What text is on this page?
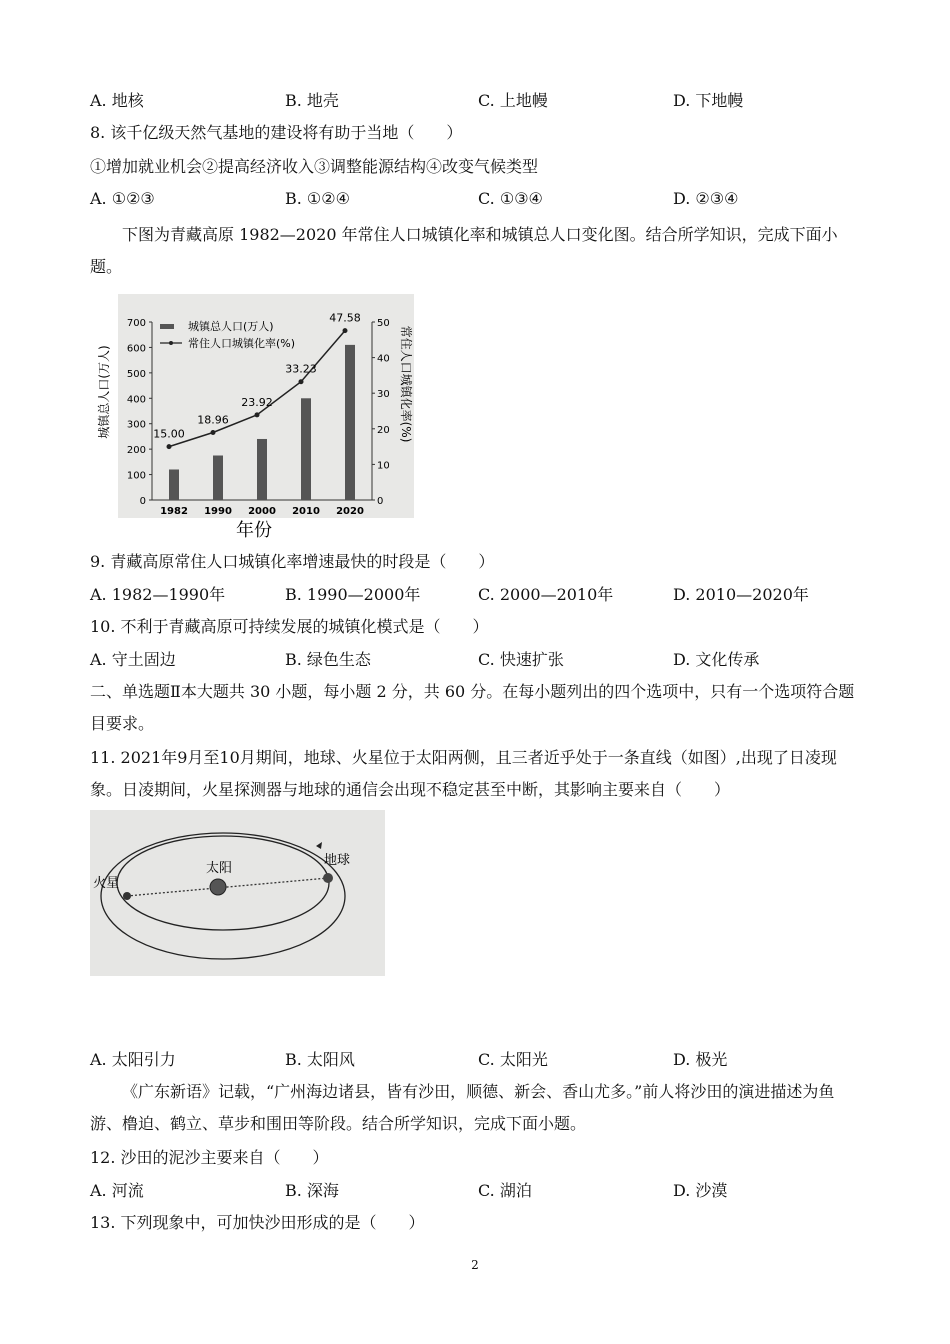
A. 地核	B. 地壳	C. 上地幔	D. 下地幔
8. 该千亿级天然气基地的建设将有助于当地（　　）
①增加就业机会②提高经济收入③调整能源结构④改变气候类型
A. ①②③	B. ①②④	C. ①③④	D. ②③④
下图为青藏高原 1982—2020 年常住人口城镇化率和城镇总人口变化图。结合所学知识，完成下面小题。
0
100
200
300
400
500
600
700
0
10
20
30
40
50
1982 1990 2000 2010 2020
15.00
18.96
23.92
33.23
47.58
城镇总人口(万人)
常住人口城镇化率(%)
城镇总人口(万人)	常住人口城镇化率(%)
年份
9. 青藏高原常住人口城镇化率增速最快的时段是（　　）
A. 1982—1990年	B. 1990—2000年	C. 2000—2010年	D. 2010—2020年
10. 不利于青藏高原可持续发展的城镇化模式是（　　）
A. 守土固边	B. 绿色生态	C. 快速扩张	D. 文化传承
二、单选题Ⅱ本大题共 30 小题，每小题 2 分，共 60 分。在每小题列出的四个选项中，只有一个选项符合题目要求。
11. 2021年9月至10月期间，地球、火星位于太阳两侧，且三者近乎处于一条直线（如图）,出现了日凌现象。日凌期间，火星探测器与地球的通信会出现不稳定甚至中断，其影响主要来自（　　）
火星
太阳
地球
A. 太阳引力	B. 太阳风	C. 太阳光	D. 极光
《广东新语》记载，“广州海边诸县，皆有沙田，顺德、新会、香山尤多。”前人将沙田的演进描述为鱼游、橹迫、鹤立、草步和围田等阶段。结合所学知识，完成下面小题。
12. 沙田的泥沙主要来自（　　）
A. 河流	B. 深海	C. 湖泊	D. 沙漠
13. 下列现象中，可加快沙田形成的是（　　）
2
